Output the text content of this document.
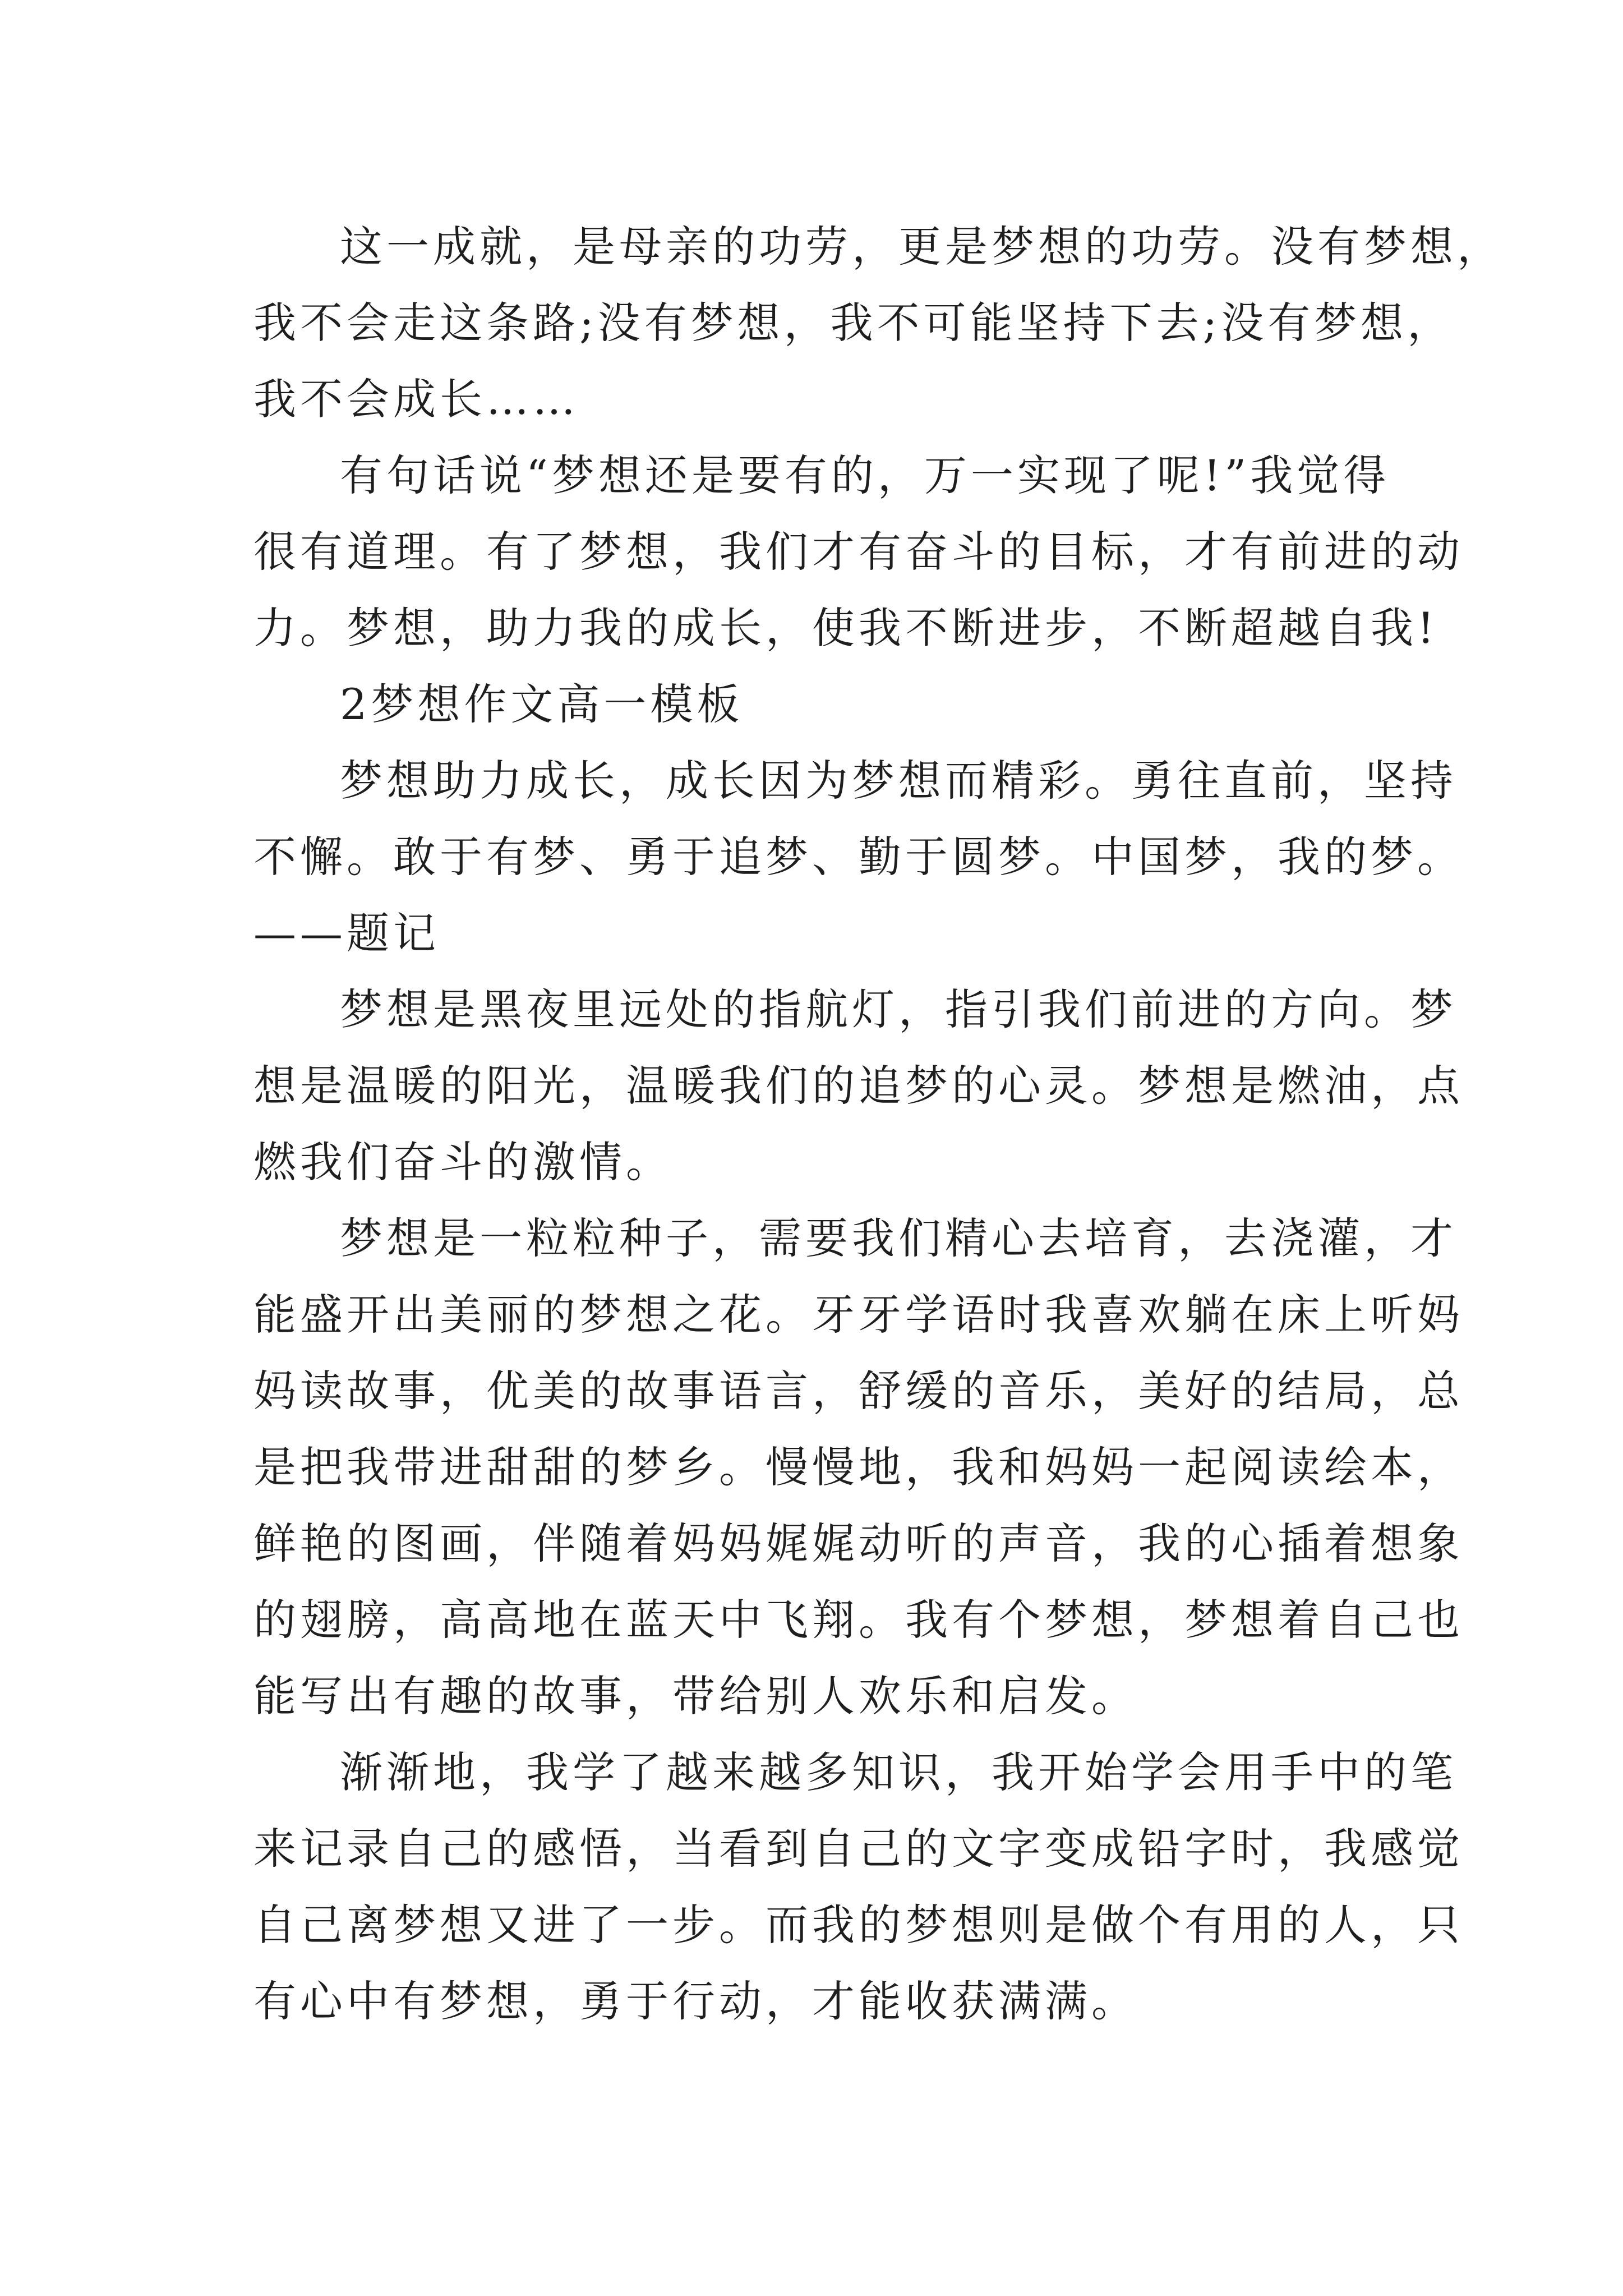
这一成就，是母亲的功劳，更是梦想的功劳。没有梦想，
我不会走这条路;没有梦想，我不可能坚持下去;没有梦想，
我不会成长……

有句话说“梦想还是要有的，万一实现了呢!”我觉得
很有道理。有了梦想，我们才有奋斗的目标，才有前进的动
力。梦想，助力我的成长，使我不断进步，不断超越自我!

2梦想作文高一模板

梦想助力成长，成长因为梦想而精彩。勇往直前，坚持
不懈。敢于有梦、勇于追梦、勤于圆梦。中国梦，我的梦。
——题记

梦想是黑夜里远处的指航灯，指引我们前进的方向。梦
想是温暖的阳光，温暖我们的追梦的心灵。梦想是燃油，点
燃我们奋斗的激情。

梦想是一粒粒种子，需要我们精心去培育，去浇灌，才
能盛开出美丽的梦想之花。牙牙学语时我喜欢躺在床上听妈
妈读故事，优美的故事语言，舒缓的音乐，美好的结局，总
是把我带进甜甜的梦乡。慢慢地，我和妈妈一起阅读绘本，
鲜艳的图画，伴随着妈妈娓娓动听的声音，我的心插着想象
的翅膀，高高地在蓝天中飞翔。我有个梦想，梦想着自己也
能写出有趣的故事，带给别人欢乐和启发。

渐渐地，我学了越来越多知识，我开始学会用手中的笔
来记录自己的感悟，当看到自己的文字变成铅字时，我感觉
自己离梦想又进了一步。而我的梦想则是做个有用的人，只
有心中有梦想，勇于行动，才能收获满满。
